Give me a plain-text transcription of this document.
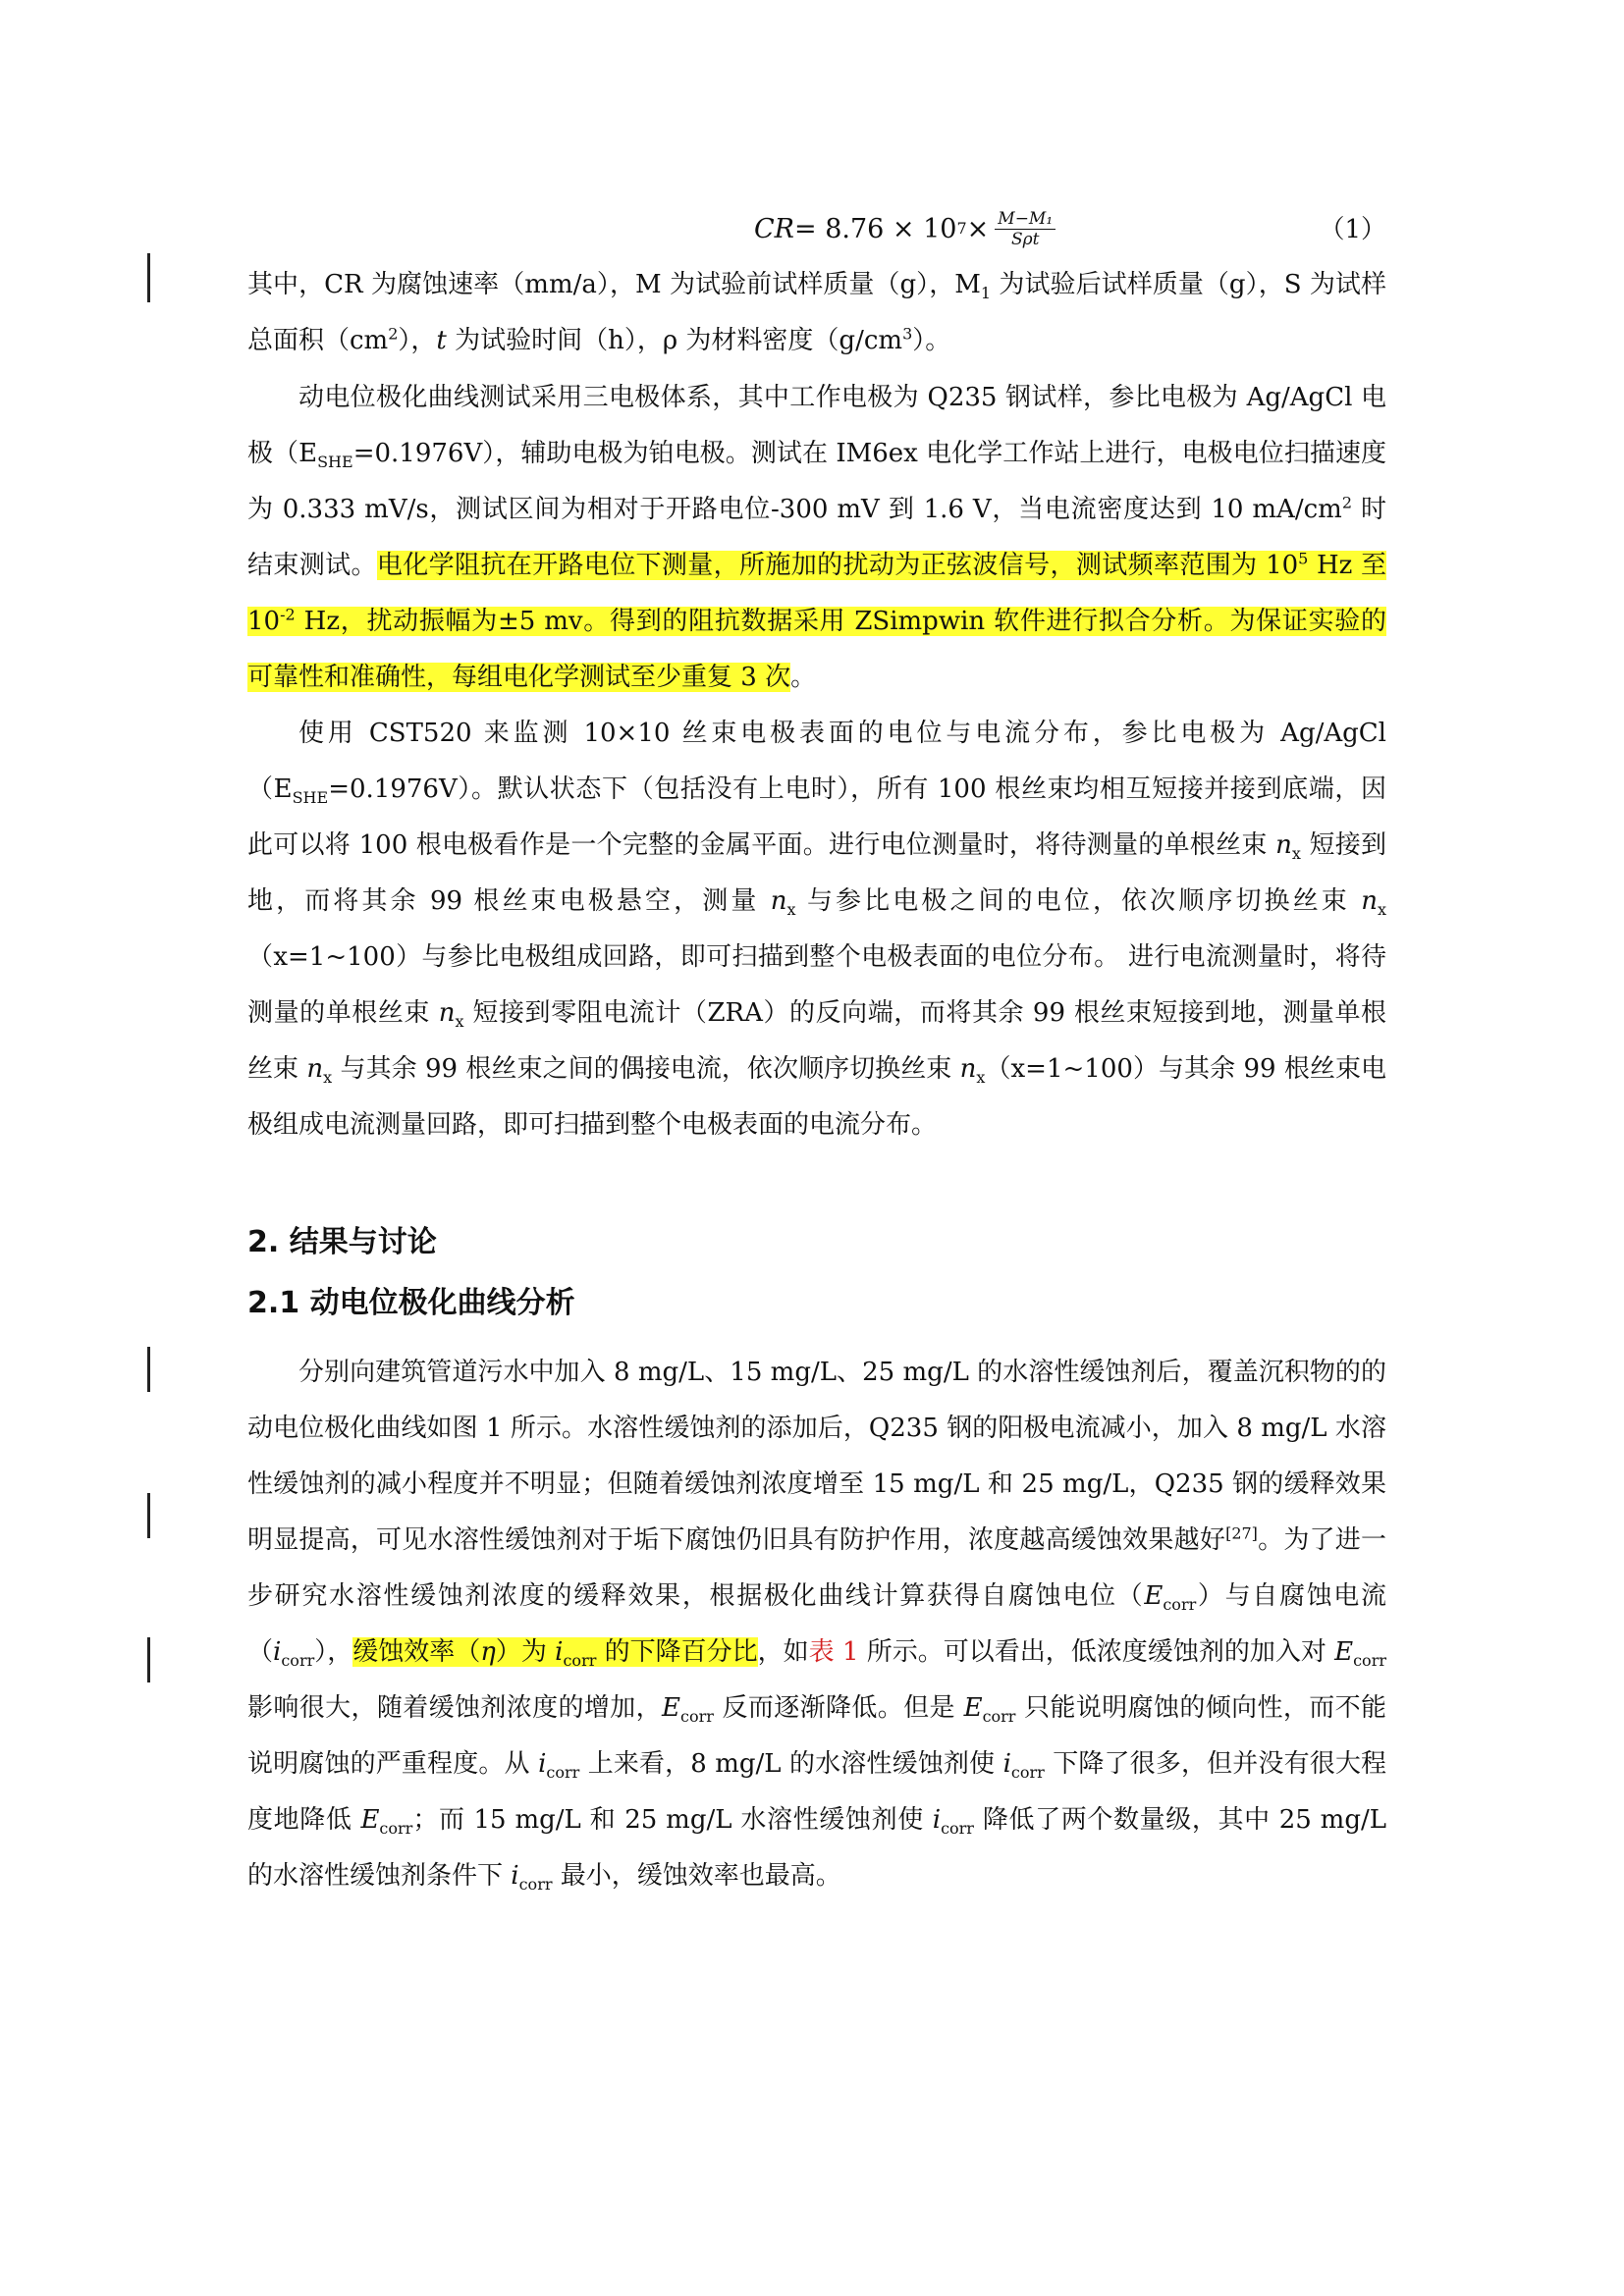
CR = 8.76 × 10 $7 \times \frac{\text{M−M₁}}{\text{Sρt}}$	（1）
其中，CR 为腐蚀速率（mm/a），M 为试验前试样质量（g），$M_1$ 为试验后试样质量（g），S 为试样总面积$(cm^2)$，t 为试验时间（h），ρ 为材料密度$(g/cm^3)$。
动电位极化曲线测试采用三电极体系，其中工作电极为 Q235 钢试样，参比电极为 Ag/AgCl 电极$(E_{SHE}=0.1976V)$，辅助电极为铂电极。测试在 IM6ex 电化学工作站上进行，电极电位扫描速度为 0.333 mV/s，测试区间为相对于开路电位-300 mV 到 1.6 V，当电流密度达到 10 $mA/cm^2$ 时结束测试。电化学阻抗在开路电位下测量，所施加的扰动为正弦波信号，测试频率范围为 $10^5$ Hz 至 $10^{-2}$ Hz，扰动振幅为±5 mv。得到的阻抗数据采用 ZSimpwin 软件进行拟合分析。为保证实验的可靠性和准确性，每组电化学测试至少重复 3 次。
使用 CST520 来监测 10×10 丝束电极表面的电位与电流分布，参比电极为 $Ag/AgCl(E_{SHE}=0.1976V)$。默认状态下（包括没有上电时），所有 100 根丝束均相互短接并接到底端，因此可以将 100 根电极看作是一个完整的金属平面。进行电位测量时，将待测量的单根丝束 $n_x$ 短接到地，而将其余 99 根丝束电极悬空，测量 $n_x$ 与参比电极之间的电位，依次顺序切换丝束 $n_x(x=1\sim 100)$与参比电极组成回路，即可扫描到整个电极表面的电位分布。 进行电流测量时，将待测量的单根丝束 $n_x$ 短接到零阻电流计（ZRA）的反向端，而将其余 99 根丝束短接到地，测量单根丝束 $n_x$ 与其余 99 根丝束之间的偶接电流，依次顺序切换丝束 $n_x(x=1\sim 100)$与其余 99 根丝束电极组成电流测量回路，即可扫描到整个电极表面的电流分布。
2. 结果与讨论
2.1 动电位极化曲线分析
分别向建筑管道污水中加入 8 mg/L、15 mg/L、25 mg/L 的水溶性缓蚀剂后，覆盖沉积物的的动电位极化曲线如图 1 所示。水溶性缓蚀剂的添加后，Q235 钢的阳极电流减小，加入 8 mg/L 水溶性缓蚀剂的减小程度并不明显；但随着缓蚀剂浓度增至 15 mg/L 和 25 mg/L，Q235 钢的缓释效果明显提高，可见水溶性缓蚀剂对于垢下腐蚀仍旧具有防护作用，浓度越高缓蚀效果越好[27]。为了进一步研究水溶性缓蚀剂浓度的缓释效果，根据极化曲线计算获得自腐蚀电位$(E_{corr})$与自腐蚀电流$(i_{corr})$，缓蚀效率（η）为 $i_{corr}$ 的下降百分比，如表 1 所示。可以看出，低浓度缓蚀剂的加入对 $E_{corr}$ 影响很大，随着缓蚀剂浓度的增加，$E_{corr}$ 反而逐渐降低。但是 $E_{corr}$ 只能说明腐蚀的倾向性，而不能说明腐蚀的严重程度。从 $i_{corr}$ 上来看，8 mg/L 的水溶性缓蚀剂使 $i_{corr}$ 下降了很多，但并没有很大程度地降低 $E_{corr}$；而 15 mg/L 和 25 mg/L 水溶性缓蚀剂使 $i_{corr}$ 降低了两个数量级，其中 25 mg/L 的水溶性缓蚀剂条件下 $i_{corr}$ 最小，缓蚀效率也最高。
